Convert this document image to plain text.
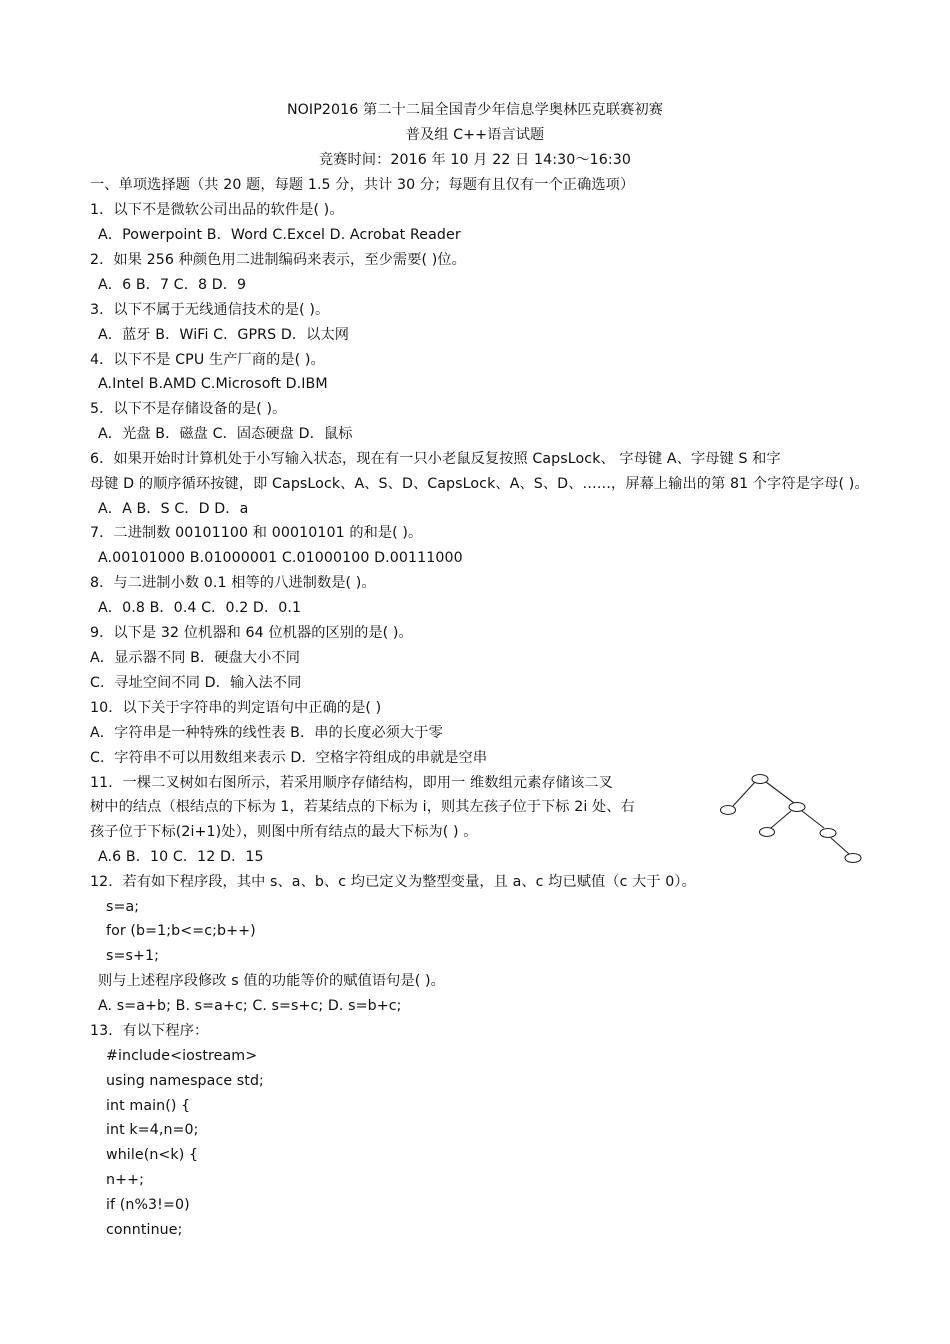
NOIP2016 第二十二届全国青少年信息学奥林匹克联赛初赛
普及组 C++语言试题
竞赛时间：2016 年 10 月 22 日 14:30～16:30
一、单项选择题（共 20 题，每题 1.5 分，共计 30 分；每题有且仅有一个正确选项）
1．以下不是微软公司出品的软件是( )。
A．Powerpoint B．Word C.Excel D. Acrobat Reader
2．如果 256 种颜色用二进制编码来表示，至少需要( )位。
A．6 B．7 C．8 D．9
3．以下不属于无线通信技术的是( )。
A．蓝牙 B．WiFi C．GPRS D．以太网
4．以下不是 CPU 生产厂商的是( )。
A.Intel B.AMD C.Microsoft D.IBM
5．以下不是存储设备的是( )。
A．光盘 B．磁盘 C．固态硬盘 D．鼠标
6．如果开始时计算机处于小写输入状态，现在有一只小老鼠反复按照 CapsLock、 字母键 A、字母键 S 和字
母键 D 的顺序循环按键，即 CapsLock、A、S、D、CapsLock、A、S、D、……，屏幕上输出的第 81 个字符是字母( )。
A．A B．S C．D D．a
7．二进制数 00101100 和 00010101 的和是( )。
A.00101000 B.01000001 C.01000100 D.00111000
8．与二进制小数 0.1 相等的八进制数是( )。
A．0.8 B．0.4 C．0.2 D．0.1
9．以下是 32 位机器和 64 位机器的区别的是( )。
A．显示器不同 B．硬盘大小不同
C．寻址空间不同 D．输入法不同
10．以下关于字符串的判定语句中正确的是( )
A．字符串是一种特殊的线性表 B．串的长度必须大于零
C．字符串不可以用数组来表示 D．空格字符组成的串就是空串
11．一棵二叉树如右图所示，若采用顺序存储结构，即用一 维数组元素存储该二叉
树中的结点（根结点的下标为 1，若某结点的下标为 i，则其左孩子位于下标 2i 处、右
孩子位于下标(2i+1)处），则图中所有结点的最大下标为( ) 。
A.6 B．10 C．12 D．15
12．若有如下程序段，其中 s、a、b、c 均已定义为整型变量，且 a、c 均已赋值（c 大于 0）。
s=a;
for (b=1;b<=c;b++)
s=s+1;
则与上述程序段修改 s 值的功能等价的赋值语句是( )。
A. s=a+b; B. s=a+c; C. s=s+c; D. s=b+c;
13．有以下程序：
#include<iostream>
using namespace std;
int main() {
int k=4,n=0;
while(n<k) {
n++;
if (n%3!=0)
conntinue;
